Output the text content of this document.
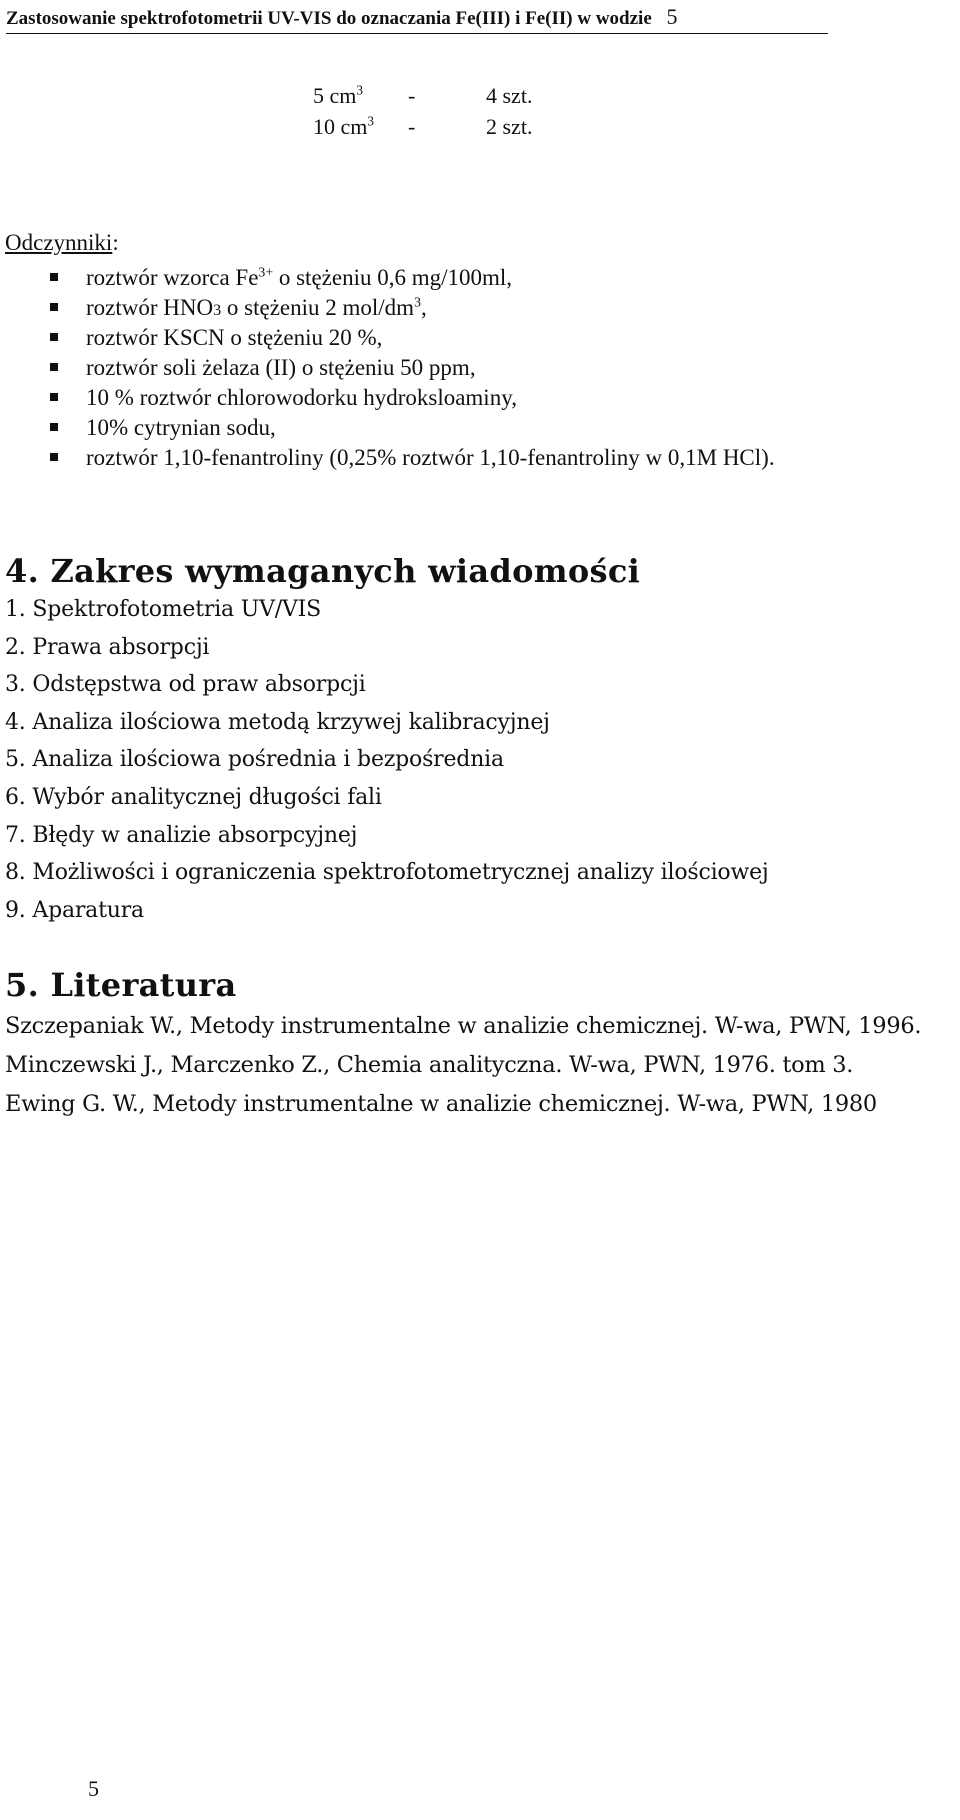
Zastosowanie spektrofotometrii UV-VIS do oznaczania Fe(III) i Fe(II) w wodzie 5
5 $cm^3$ -	4 szt.
10 $cm^3$ -	2 szt.
Odczynniki:
roztwór wzorca $Fe^{3+}$ o stężeniu 0,6 mg/100ml,
roztwór HNO3 o stężeniu 2 mol/$dm^3$,
roztwór KSCN o stężeniu 20 %,
roztwór soli żelaza (II) o stężeniu 50 ppm,
10 % roztwór chlorowodorku hydroksloaminy,
10% cytrynian sodu,
roztwór 1,10-fenantroliny (0,25% roztwór 1,10-fenantroliny w 0,1M HCl).
4. Zakres wymaganych wiadomości
1. Spektrofotometria UV/VIS
2. Prawa absorpcji
3. Odstępstwa od praw absorpcji
4. Analiza ilościowa metodą krzywej kalibracyjnej
5. Analiza ilościowa pośrednia i bezpośrednia
6. Wybór analitycznej długości fali
7. Błędy w analizie absorpcyjnej
8. Możliwości i ograniczenia spektrofotometrycznej analizy ilościowej
9. Aparatura
5. Literatura
Szczepaniak W., Metody instrumentalne w analizie chemicznej. W-wa, PWN, 1996.
Minczewski J., Marczenko Z., Chemia analityczna. W-wa, PWN, 1976. tom 3.
Ewing G. W., Metody instrumentalne w analizie chemicznej. W-wa, PWN, 1980
5
